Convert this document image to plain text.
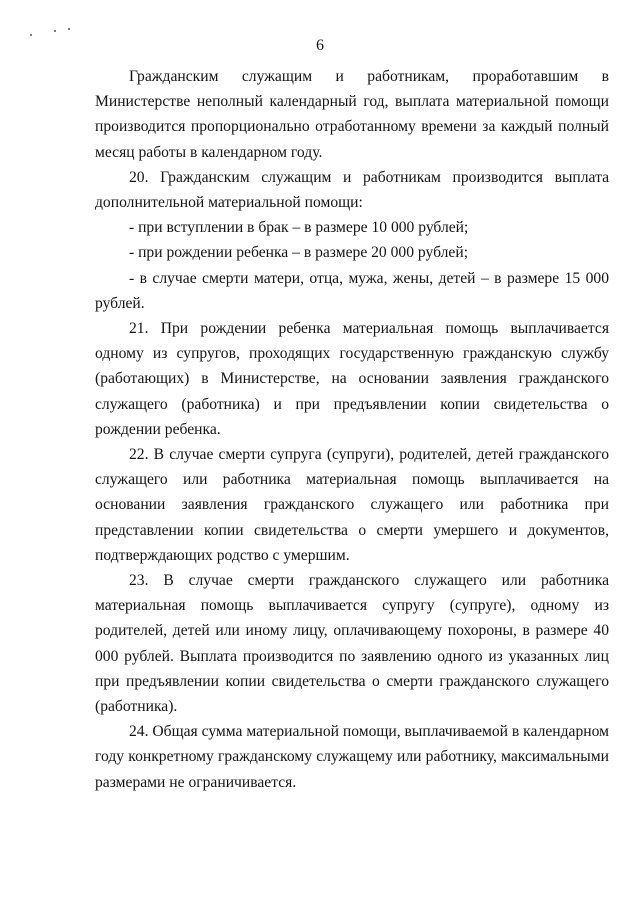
6

Гражданским служащим и работникам, проработавшим в Министерстве неполный календарный год, выплата материальной помощи производится пропорционально отработанному времени за каждый полный месяц работы в календарном году.

20. Гражданским служащим и работникам производится выплата дополнительной материальной помощи:

- при вступлении в брак – в размере 10 000 рублей;

- при рождении ребенка – в размере 20 000 рублей;

- в случае смерти матери, отца, мужа, жены, детей – в размере 15 000 рублей.

21. При рождении ребенка материальная помощь выплачивается одному из супругов, проходящих государственную гражданскую службу (работающих) в Министерстве, на основании заявления гражданского служащего (работника) и при предъявлении копии свидетельства о рождении ребенка.

22. В случае смерти супруга (супруги), родителей, детей гражданского служащего или работника материальная помощь выплачивается на основании заявления гражданского служащего или работника при представлении копии свидетельства о смерти умершего и документов, подтверждающих родство с умершим.

23. В случае смерти гражданского служащего или работника материальная помощь выплачивается супругу (супруге), одному из родителей, детей или иному лицу, оплачивающему похороны, в размере 40 000 рублей. Выплата производится по заявлению одного из указанных лиц при предъявлении копии свидетельства о смерти гражданского служащего (работника).

24. Общая сумма материальной помощи, выплачиваемой в календарном году конкретному гражданскому служащему или работнику, максимальными размерами не ограничивается.
